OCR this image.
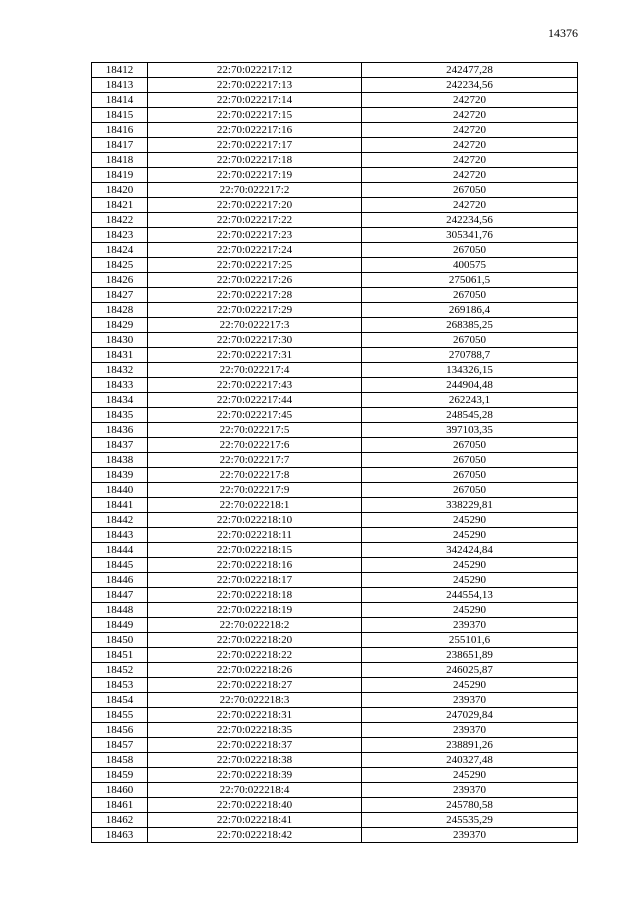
14376
18412	22:70:022217:12	242477,28
18413	22:70:022217:13	242234,56
18414	22:70:022217:14	242720
18415	22:70:022217:15	242720
18416	22:70:022217:16	242720
18417	22:70:022217:17	242720
18418	22:70:022217:18	242720
18419	22:70:022217:19	242720
18420	22:70:022217:2	267050
18421	22:70:022217:20	242720
18422	22:70:022217:22	242234,56
18423	22:70:022217:23	305341,76
18424	22:70:022217:24	267050
18425	22:70:022217:25	400575
18426	22:70:022217:26	275061,5
18427	22:70:022217:28	267050
18428	22:70:022217:29	269186,4
18429	22:70:022217:3	268385,25
18430	22:70:022217:30	267050
18431	22:70:022217:31	270788,7
18432	22:70:022217:4	134326,15
18433	22:70:022217:43	244904,48
18434	22:70:022217:44	262243,1
18435	22:70:022217:45	248545,28
18436	22:70:022217:5	397103,35
18437	22:70:022217:6	267050
18438	22:70:022217:7	267050
18439	22:70:022217:8	267050
18440	22:70:022217:9	267050
18441	22:70:022218:1	338229,81
18442	22:70:022218:10	245290
18443	22:70:022218:11	245290
18444	22:70:022218:15	342424,84
18445	22:70:022218:16	245290
18446	22:70:022218:17	245290
18447	22:70:022218:18	244554,13
18448	22:70:022218:19	245290
18449	22:70:022218:2	239370
18450	22:70:022218:20	255101,6
18451	22:70:022218:22	238651,89
18452	22:70:022218:26	246025,87
18453	22:70:022218:27	245290
18454	22:70:022218:3	239370
18455	22:70:022218:31	247029,84
18456	22:70:022218:35	239370
18457	22:70:022218:37	238891,26
18458	22:70:022218:38	240327,48
18459	22:70:022218:39	245290
18460	22:70:022218:4	239370
18461	22:70:022218:40	245780,58
18462	22:70:022218:41	245535,29
18463	22:70:022218:42	239370
